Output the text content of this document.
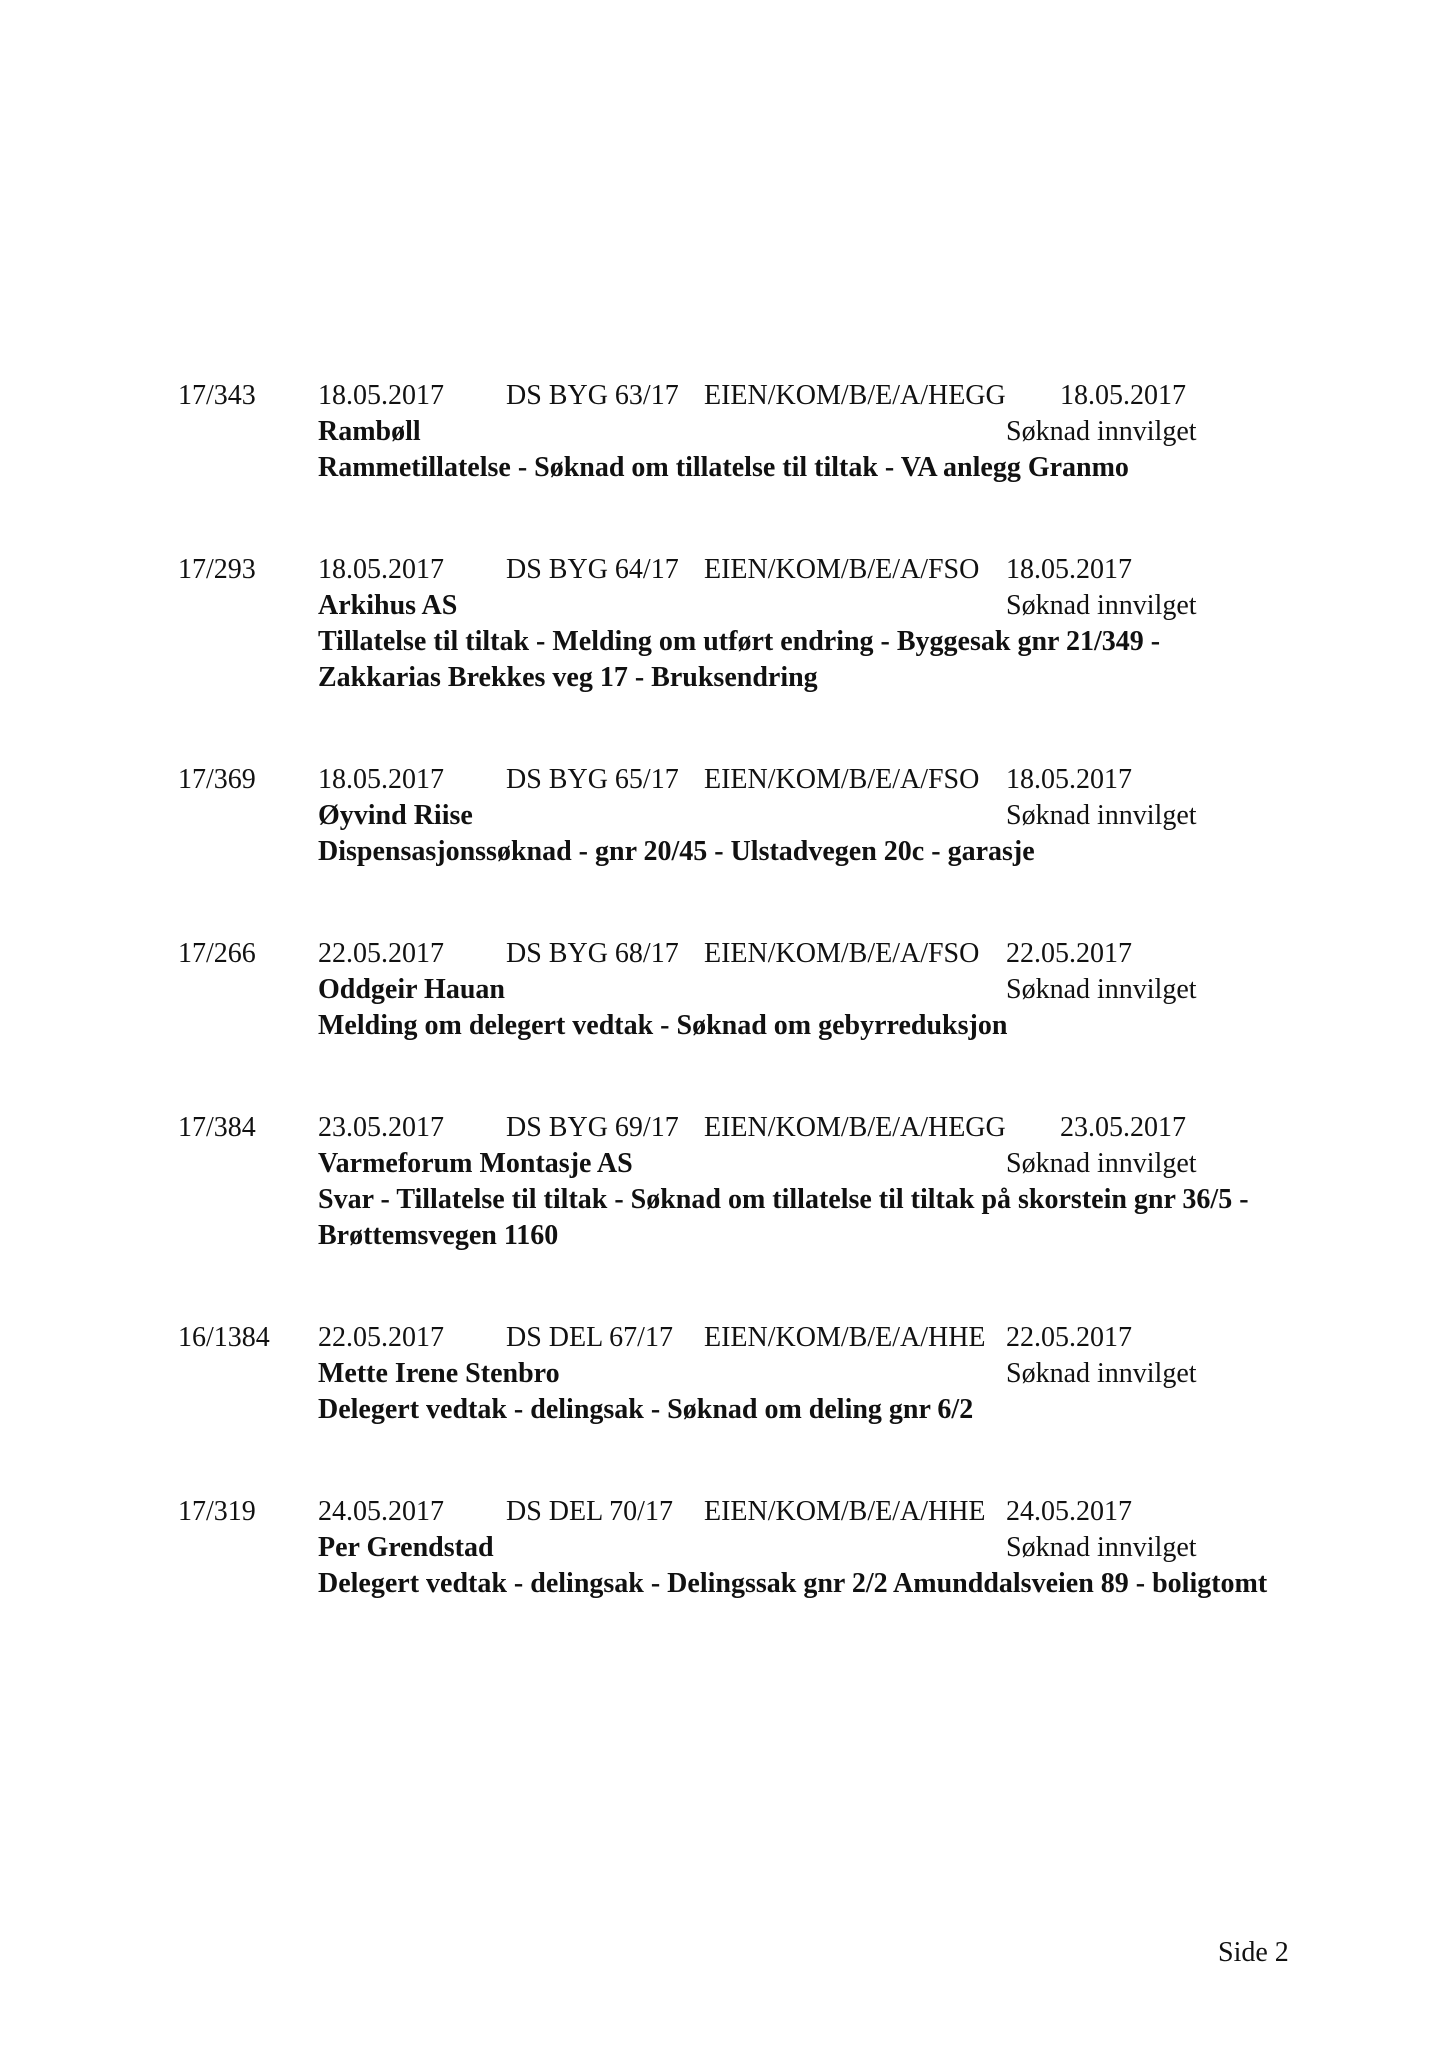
17/343 18.05.2017 DS BYG 63/17 EIEN/KOM/B/E/A/HEGG 18.05.2017
Rambøll	Søknad innvilget
Rammetillatelse - Søknad om tillatelse til tiltak - VA anlegg Granmo
17/293 18.05.2017 DS BYG 64/17 EIEN/KOM/B/E/A/FSO 18.05.2017
Arkihus AS	Søknad innvilget
Tillatelse til tiltak - Melding om utført endring - Byggesak gnr 21/349 - Zakkarias Brekkes veg 17 - Bruksendring
17/369 18.05.2017 DS BYG 65/17 EIEN/KOM/B/E/A/FSO 18.05.2017
Øyvind Riise	Søknad innvilget
Dispensasjonssøknad - gnr 20/45 - Ulstadvegen 20c - garasje
17/266 22.05.2017 DS BYG 68/17 EIEN/KOM/B/E/A/FSO 22.05.2017
Oddgeir Hauan	Søknad innvilget
Melding om delegert vedtak - Søknad om gebyrreduksjon
17/384 23.05.2017 DS BYG 69/17 EIEN/KOM/B/E/A/HEGG 23.05.2017
Varmeforum Montasje AS	Søknad innvilget
Svar - Tillatelse til tiltak - Søknad om tillatelse til tiltak på skorstein gnr 36/5 - Brøttemsvegen 1160
16/1384 22.05.2017 DS DEL 67/17 EIEN/KOM/B/E/A/HHE 22.05.2017
Mette Irene Stenbro	Søknad innvilget
Delegert vedtak - delingsak - Søknad om deling gnr 6/2
17/319 24.05.2017 DS DEL 70/17 EIEN/KOM/B/E/A/HHE 24.05.2017
Per Grendstad	Søknad innvilget
Delegert vedtak - delingsak - Delingssak gnr 2/2 Amunddalsveien 89 - boligtomt
Side 2
